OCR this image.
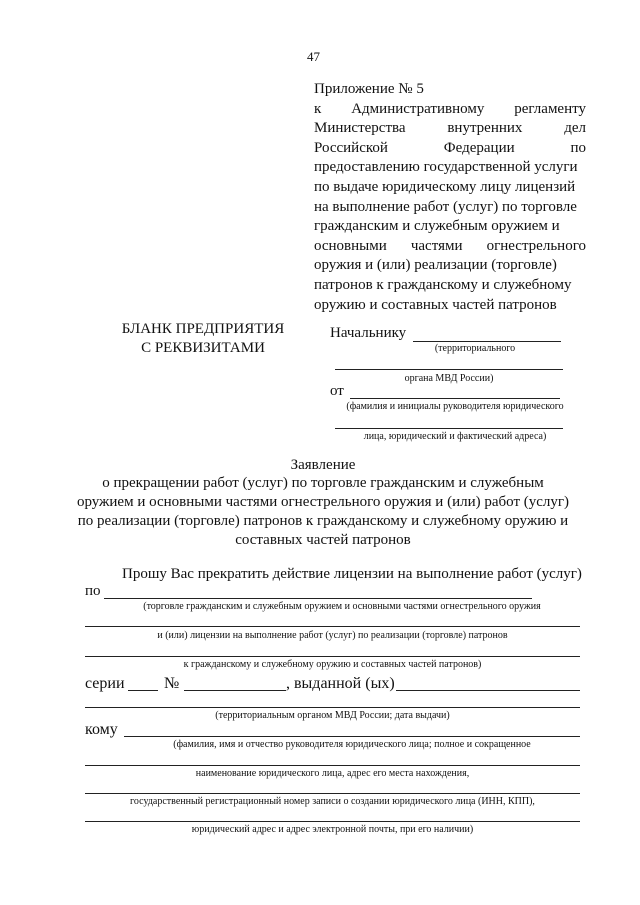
47
Приложение № 5
к Административному регламенту
Министерства	внутренних	дел
Российской	Федерации	по
предоставлению государственной услуги
по выдаче юридическому лицу лицензий
на выполнение работ (услуг) по торговле
гражданским и служебным оружием и
основными частями огнестрельного
оружия и (или) реализации (торговле)
патронов к гражданскому и служебному
оружию и составных частей патронов
БЛАНК ПРЕДПРИЯТИЯ
С РЕКВИЗИТАМИ
Начальнику
(территориального
органа МВД России)
от
(фамилия и инициалы руководителя юридического
лица, юридический и фактический адреса)
Заявление
о прекращении работ (услуг) по торговле гражданским и служебным
оружием и основными частями огнестрельного оружия и (или) работ (услуг)
по реализации (торговле) патронов к гражданскому и служебному оружию и
составных частей патронов
Прошу Вас прекратить действие лицензии на выполнение работ (услуг)
по
(торговле гражданским и служебным оружием и основными частями огнестрельного оружия
и (или) лицензии на выполнение работ (услуг) по реализации (торговле) патронов
к гражданскому и служебному оружию и составных частей патронов)
серии №	, выданной (ых)
(территориальным органом МВД России; дата выдачи)
кому
(фамилия, имя и отчество руководителя юридического лица; полное и сокращенное
наименование юридического лица, адрес его места нахождения,
государственный регистрационный номер записи о создании юридического лица (ИНН, КПП),
юридический адрес и адрес электронной почты, при его наличии)
